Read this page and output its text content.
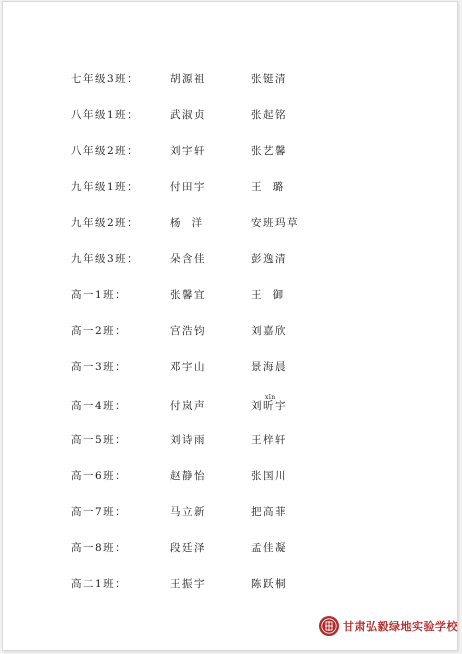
七年级3班：	胡源祖	张铤清
八年级1班：	武淑贞	张起铭
八年级2班：	刘宇轩	张艺馨
九年级1班：	付田宇	王  璐
九年级2班：	杨  洋	安班玛草
九年级3班：	朵含佳	彭逸清
高一1班：	张馨宜	王  御
高一2班：	宫浩钧	刘嘉欣
高一3班：	邓宇山	景海晨
高一4班：	付岚声	刘昕宇
xīn
高一5班：	刘诗雨	王梓轩
高一6班：	赵静怡	张国川
高一7班：	马立新	把高菲
高一8班：	段廷泽	孟佳凝
高二1班：	王振宇	陈跃桐
甘肃弘毅绿地实验学校
